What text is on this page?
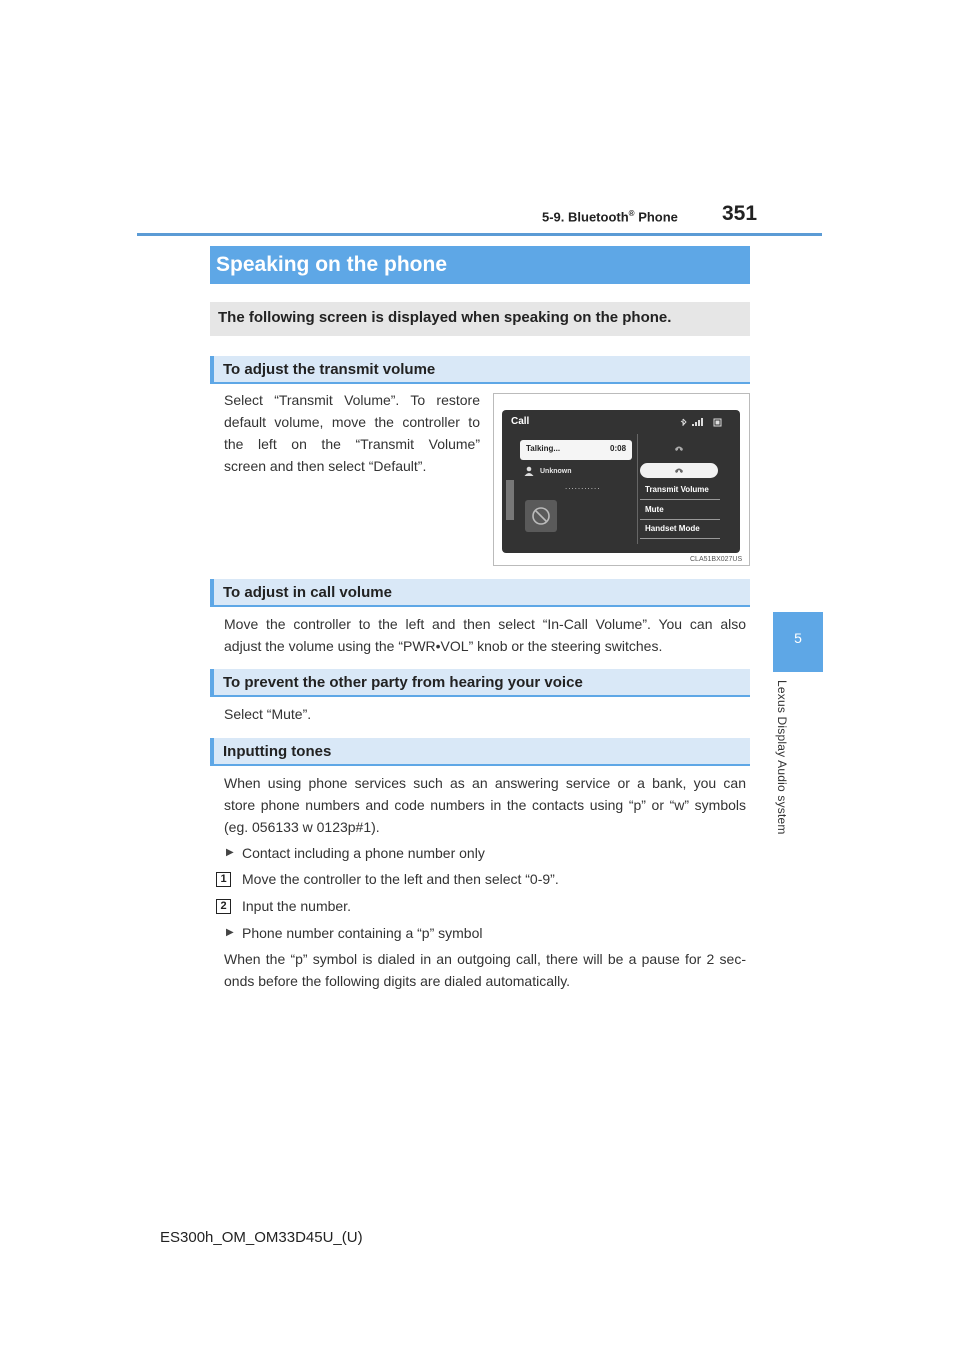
5-9. Bluetooth® Phone 351
5
Lexus Display Audio system
Speaking on the phone
The following screen is displayed when speaking on the phone.
To adjust the transmit volume
Select “Transmit Volume”. To restore
default volume, move the controller to
the left on the “Transmit Volume”
screen and then select “Default”.
Call
Talking...	0:08
Unknown
...........	Transmit Volume
Mute
Handset Mode
CLA51BX027US
To adjust in call volume
Move the controller to the left and then select “In-Call Volume”. You can also
adjust the volume using the “PWR•VOL” knob or the steering switches.
To prevent the other party from hearing your voice
Select “Mute”.
Inputting tones
When using phone services such as an answering service or a bank, you can
store phone numbers and code numbers in the contacts using “p” or “w” symbols
(eg. 056133 w 0123p#1).
▶ Contact including a phone number only
1	Move the controller to the left and then select “0-9”.
2	Input the number.
▶ Phone number containing a “p” symbol
When the “p” symbol is dialed in an outgoing call, there will be a pause for 2 sec-
onds before the following digits are dialed automatically.
ES300h_OM_OM33D45U_(U)
